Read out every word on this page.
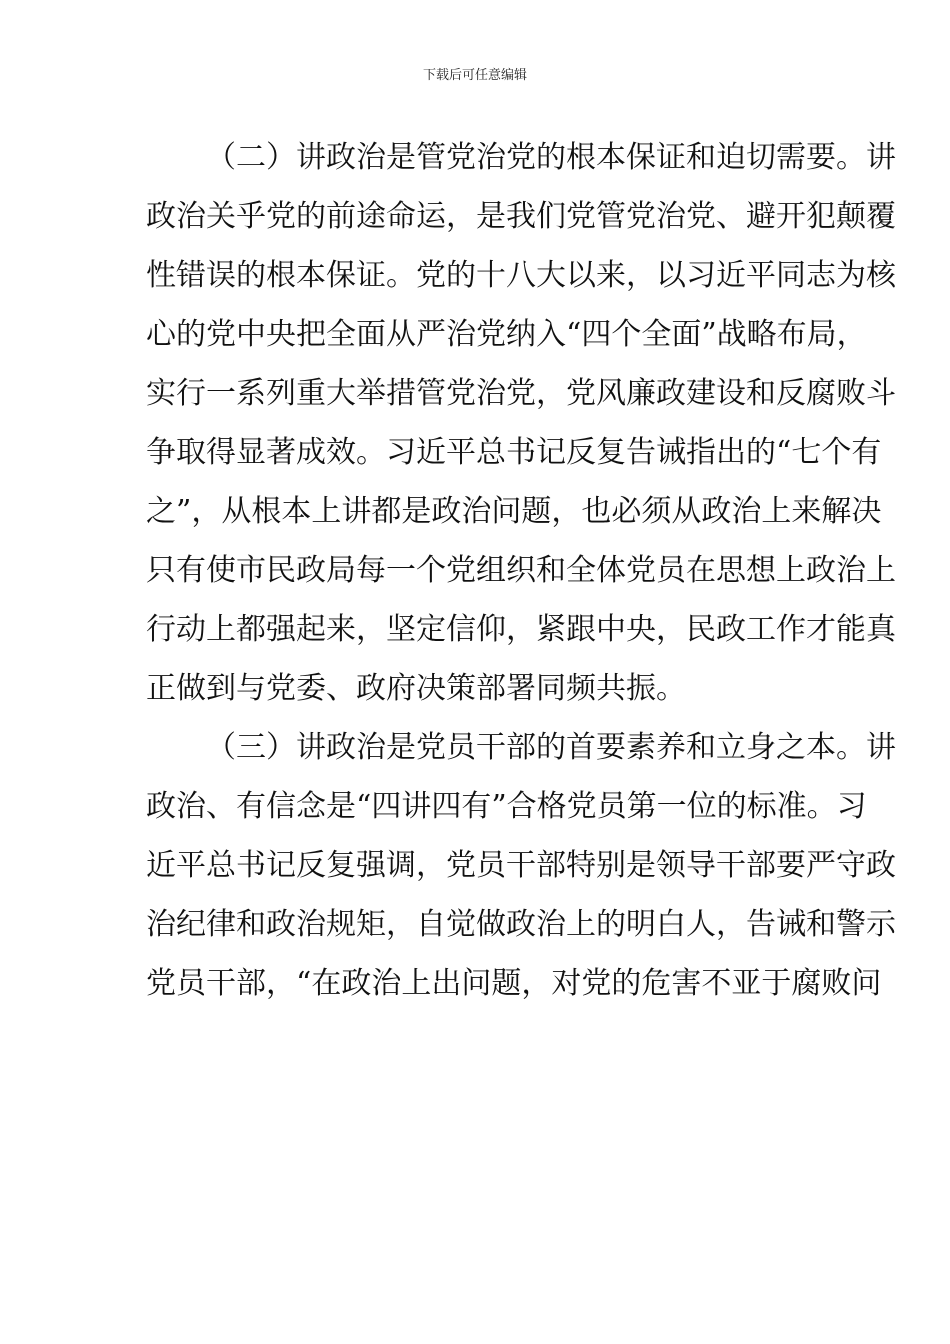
下载后可任意编辑
（二）讲政治是管党治党的根本保证和迫切需要。讲
政治关乎党的前途命运，是我们党管党治党、避开犯颠覆
性错误的根本保证。党的十八大以来，以习近平同志为核
心的党中央把全面从严治党纳入“四个全面”战略布局，
实行一系列重大举措管党治党，党风廉政建设和反腐败斗
争取得显著成效。习近平总书记反复告诫指出的“七个有
之”，从根本上讲都是政治问题，也必须从政治上来解决
只有使市民政局每一个党组织和全体党员在思想上政治上
行动上都强起来，坚定信仰，紧跟中央，民政工作才能真
正做到与党委、政府决策部署同频共振。
（三）讲政治是党员干部的首要素养和立身之本。讲
政治、有信念是“四讲四有”合格党员第一位的标准。习
近平总书记反复强调，党员干部特别是领导干部要严守政
治纪律和政治规矩，自觉做政治上的明白人，告诫和警示
党员干部，“在政治上出问题，对党的危害不亚于腐败问
